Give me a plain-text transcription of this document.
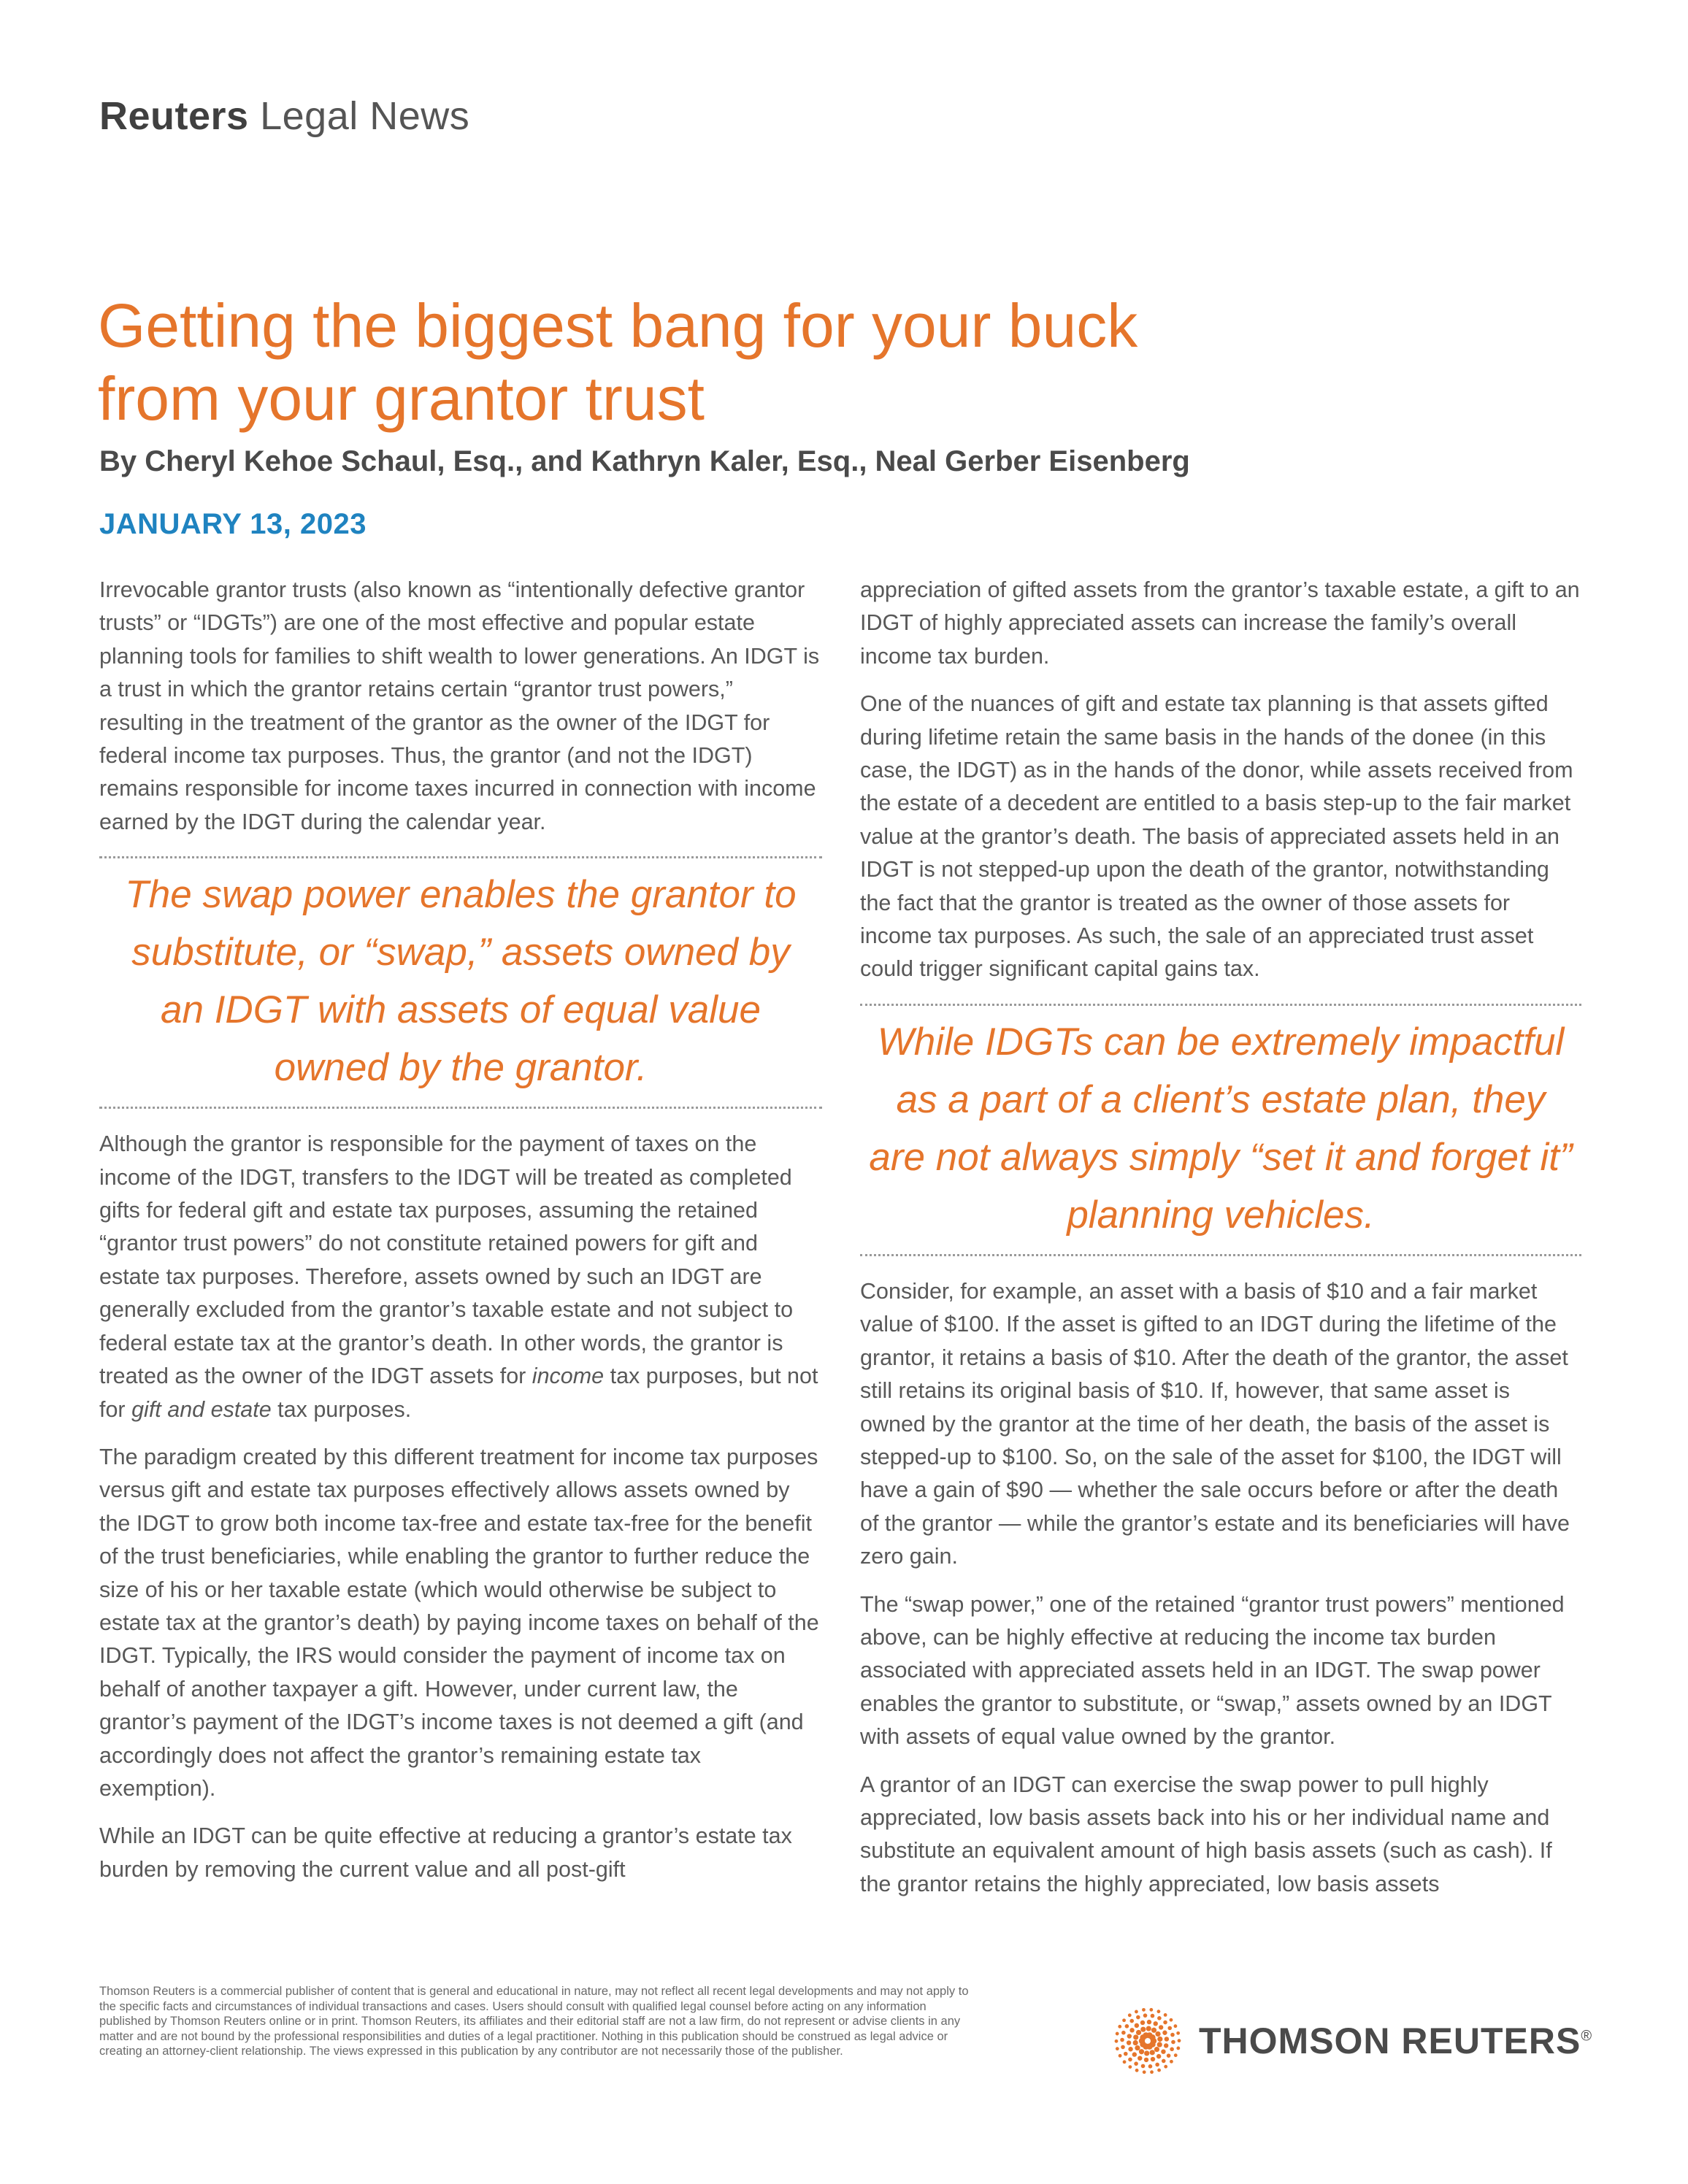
Reuters Legal News
Getting the biggest bang for your buck
from your grantor trust
By Cheryl Kehoe Schaul, Esq., and Kathryn Kaler, Esq., Neal Gerber Eisenberg
JANUARY 13, 2023

Irrevocable grantor trusts (also known as “intentionally defective grantor trusts” or “IDGTs”) are one of the most effective and popular estate planning tools for families to shift wealth to lower generations. An IDGT is a trust in which the grantor retains certain “grantor trust powers,” resulting in the treatment of the grantor as the owner of the IDGT for federal income tax purposes. Thus, the grantor (and not the IDGT) remains responsible for income taxes incurred in connection with income earned by the IDGT during the calendar year.

The swap power enables the grantor to substitute, or “swap,” assets owned by an IDGT with assets of equal value owned by the grantor.

Although the grantor is responsible for the payment of taxes on the income of the IDGT, transfers to the IDGT will be treated as completed gifts for federal gift and estate tax purposes, assuming the retained “grantor trust powers” do not constitute retained powers for gift and estate tax purposes. Therefore, assets owned by such an IDGT are generally excluded from the grantor’s taxable estate and not subject to federal estate tax at the grantor’s death. In other words, the grantor is treated as the owner of the IDGT assets for income tax purposes, but not for gift and estate tax purposes.

The paradigm created by this different treatment for income tax purposes versus gift and estate tax purposes effectively allows assets owned by the IDGT to grow both income tax-free and estate tax-free for the benefit of the trust beneficiaries, while enabling the grantor to further reduce the size of his or her taxable estate (which would otherwise be subject to estate tax at the grantor’s death) by paying income taxes on behalf of the IDGT. Typically, the IRS would consider the payment of income tax on behalf of another taxpayer a gift. However, under current law, the grantor’s payment of the IDGT’s income taxes is not deemed a gift (and accordingly does not affect the grantor’s remaining estate tax exemption).

While an IDGT can be quite effective at reducing a grantor’s estate tax burden by removing the current value and all post-gift

appreciation of gifted assets from the grantor’s taxable estate, a gift to an IDGT of highly appreciated assets can increase the family’s overall income tax burden.

One of the nuances of gift and estate tax planning is that assets gifted during lifetime retain the same basis in the hands of the donee (in this case, the IDGT) as in the hands of the donor, while assets received from the estate of a decedent are entitled to a basis step-up to the fair market value at the grantor’s death. The basis of appreciated assets held in an IDGT is not stepped-up upon the death of the grantor, notwithstanding the fact that the grantor is treated as the owner of those assets for income tax purposes. As such, the sale of an appreciated trust asset could trigger significant capital gains tax.

While IDGTs can be extremely impactful as a part of a client’s estate plan, they are not always simply “set it and forget it” planning vehicles.

Consider, for example, an asset with a basis of $10 and a fair market value of $100. If the asset is gifted to an IDGT during the lifetime of the grantor, it retains a basis of $10. After the death of the grantor, the asset still retains its original basis of $10. If, however, that same asset is owned by the grantor at the time of her death, the basis of the asset is stepped-up to $100. So, on the sale of the asset for $100, the IDGT will have a gain of $90 — whether the sale occurs before or after the death of the grantor — while the grantor’s estate and its beneficiaries will have zero gain.

The “swap power,” one of the retained “grantor trust powers” mentioned above, can be highly effective at reducing the income tax burden associated with appreciated assets held in an IDGT. The swap power enables the grantor to substitute, or “swap,” assets owned by an IDGT with assets of equal value owned by the grantor.

A grantor of an IDGT can exercise the swap power to pull highly appreciated, low basis assets back into his or her individual name and substitute an equivalent amount of high basis assets (such as cash). If the grantor retains the highly appreciated, low basis assets

Thomson Reuters is a commercial publisher of content that is general and educational in nature, may not reflect all recent legal developments and may not apply to the specific facts and circumstances of individual transactions and cases. Users should consult with qualified legal counsel before acting on any information published by Thomson Reuters online or in print. Thomson Reuters, its affiliates and their editorial staff are not a law firm, do not represent or advise clients in any matter and are not bound by the professional responsibilities and duties of a legal practitioner. Nothing in this publication should be construed as legal advice or creating an attorney-client relationship. The views expressed in this publication by any contributor are not necessarily those of the publisher.	THOMSON REUTERS®
